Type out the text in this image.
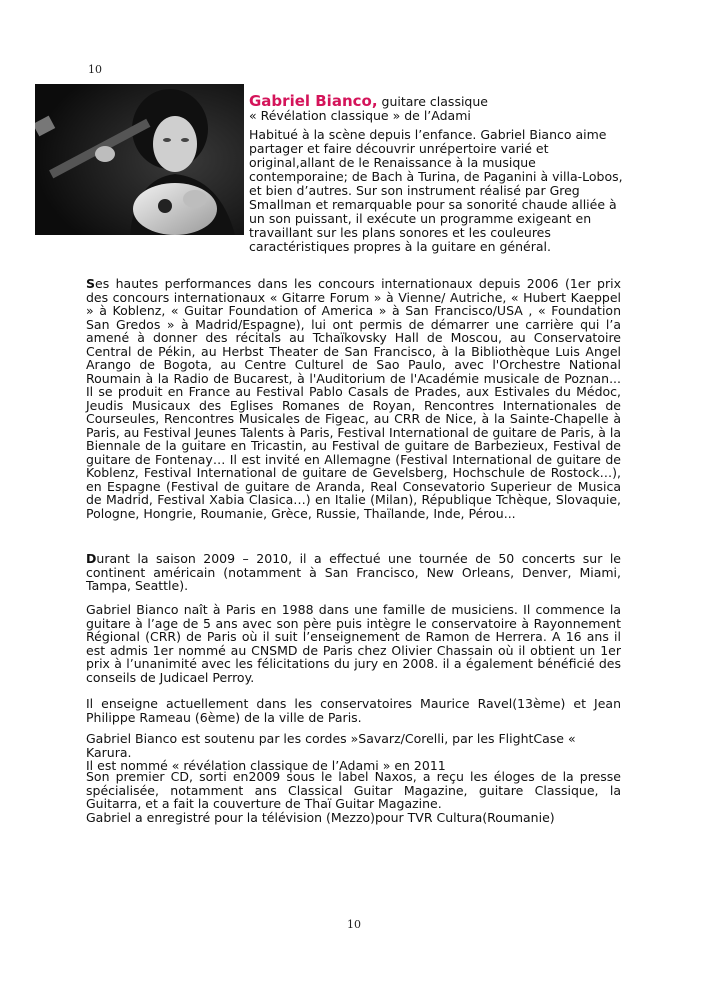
10
Gabriel Bianco, guitare classique
« Révélation classique » de l’Adami

Habitué à la scène depuis l’enfance. Gabriel Bianco aime partager et faire découvrir unrépertoire varié et original,allant de le Renaissance à la musique contemporaine; de Bach à Turina, de Paganini à villa-Lobos, et bien d’autres. Sur son instrument réalisé par Greg Smallman et remarquable pour sa sonorité chaude alliée à un son puissant, il exécute un programme exigeant en travaillant sur les plans sonores et les couleures caractéristiques propres à la guitare en général.

Ses hautes performances dans les concours internationaux depuis 2006 (1er prix des concours internationaux « Gitarre Forum » à Vienne/ Autriche, « Hubert Kaeppel » à Koblenz, « Guitar Foundation of America » à San Francisco/USA , « Foundation San Gredos » à Madrid/Espagne), lui ont permis de démarrer une carrière qui l’a amené à donner des récitals au Tchaïkovsky Hall de Moscou, au Conservatoire Central de Pékin, au Herbst Theater de San Francisco, à la Bibliothèque Luis Angel Arango de Bogota, au Centre Culturel de Sao Paulo, avec l'Orchestre National Roumain à la Radio de Bucarest, à l'Auditorium de l'Académie musicale de Poznan... Il se produit en France au Festival Pablo Casals de Prades, aux Estivales du Médoc, Jeudis Musicaux des Eglises Romanes de Royan, Rencontres Internationales de Courseules, Rencontres Musicales de Figeac, au CRR de Nice, à la Sainte-Chapelle à Paris, au Festival Jeunes Talents à Paris, Festival International de guitare de Paris, à la Biennale de la guitare en Tricastin, au Festival de guitare de Barbezieux, Festival de guitare de Fontenay… Il est invité en Allemagne (Festival International de guitare de Koblenz, Festival International de guitare de Gevelsberg, Hochschule de Rostock…), en Espagne (Festival de guitare de Aranda, Real Consevatorio Superieur de Musica de Madrid, Festival Xabia Clasica…) en Italie (Milan), République Tchèque, Slovaquie, Pologne, Hongrie, Roumanie, Grèce, Russie, Thaïlande, Inde, Pérou...

Durant la saison 2009 – 2010, il a effectué une tournée de 50 concerts sur le continent américain (notamment à San Francisco, New Orleans, Denver, Miami, Tampa, Seattle).

Gabriel Bianco naît à Paris en 1988 dans une famille de musiciens. Il commence la guitare à l’age de 5 ans avec son père puis intègre le conservatoire à Rayonnement Régional (CRR) de Paris où il suit l’enseignement de Ramon de Herrera. A 16 ans il est admis 1er nommé au CNSMD de Paris chez Olivier Chassain où il obtient un 1er prix à l’unanimité avec les félicitations du jury en 2008. il a également bénéficié des conseils de Judicael Perroy.

Il enseigne actuellement dans les conservatoires Maurice Ravel(13ème) et Jean Philippe Rameau (6ème) de la ville de Paris.

Gabriel Bianco est soutenu par les cordes »Savarz/Corelli, par les FlightCase « Karura.

Il est nommé « révélation classique de l’Adami » en 2011

Son premier CD, sorti en2009 sous le label Naxos, a reçu les éloges de la presse spécialisée, notamment ans Classical Guitar Magazine, guitare Classique, la Guitarra, et a fait la couverture de Thaï Guitar Magazine.

Gabriel a enregistré pour la télévision (Mezzo)pour TVR Cultura(Roumanie)

10
